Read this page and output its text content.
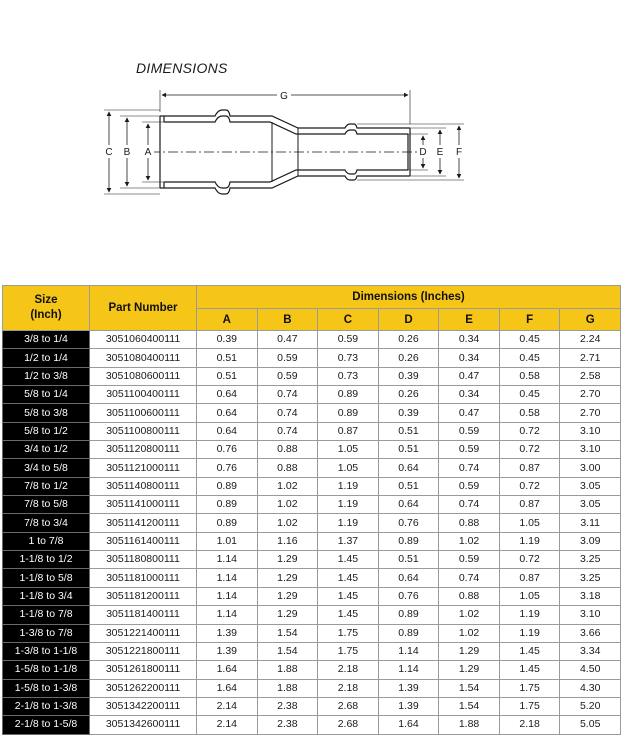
DIMENSIONS
G
C B A	D E F
Size
(Inch)	Part Number	Dimensions (Inches)						
		A	B	C	D	E	F	G
3/8 to 1/4	3051060400111	0.39	0.47	0.59	0.26	0.34	0.45	2.24
1/2 to 1/4	3051080400111	0.51	0.59	0.73	0.26	0.34	0.45	2.71
1/2 to 3/8	3051080600111	0.51	0.59	0.73	0.39	0.47	0.58	2.58
5/8 to 1/4	3051100400111	0.64	0.74	0.89	0.26	0.34	0.45	2.70
5/8 to 3/8	3051100600111	0.64	0.74	0.89	0.39	0.47	0.58	2.70
5/8 to 1/2	3051100800111	0.64	0.74	0.87	0.51	0.59	0.72	3.10
3/4 to 1/2	3051120800111	0.76	0.88	1.05	0.51	0.59	0.72	3.10
3/4 to 5/8	3051121000111	0.76	0.88	1.05	0.64	0.74	0.87	3.00
7/8 to 1/2	3051140800111	0.89	1.02	1.19	0.51	0.59	0.72	3.05
7/8 to 5/8	3051141000111	0.89	1.02	1.19	0.64	0.74	0.87	3.05
7/8 to 3/4	3051141200111	0.89	1.02	1.19	0.76	0.88	1.05	3.11
1 to 7/8	3051161400111	1.01	1.16	1.37	0.89	1.02	1.19	3.09
1-1/8 to 1/2	3051180800111	1.14	1.29	1.45	0.51	0.59	0.72	3.25
1-1/8 to 5/8	3051181000111	1.14	1.29	1.45	0.64	0.74	0.87	3.25
1-1/8 to 3/4	3051181200111	1.14	1.29	1.45	0.76	0.88	1.05	3.18
1-1/8 to 7/8	3051181400111	1.14	1.29	1.45	0.89	1.02	1.19	3.10
1-3/8 to 7/8	3051221400111	1.39	1.54	1.75	0.89	1.02	1.19	3.66
1-3/8 to 1-1/8	3051221800111	1.39	1.54	1.75	1.14	1.29	1.45	3.34
1-5/8 to 1-1/8	3051261800111	1.64	1.88	2.18	1.14	1.29	1.45	4.50
1-5/8 to 1-3/8	3051262200111	1.64	1.88	2.18	1.39	1.54	1.75	4.30
2-1/8 to 1-3/8	3051342200111	2.14	2.38	2.68	1.39	1.54	1.75	5.20
2-1/8 to 1-5/8	3051342600111	2.14	2.38	2.68	1.64	1.88	2.18	5.05
